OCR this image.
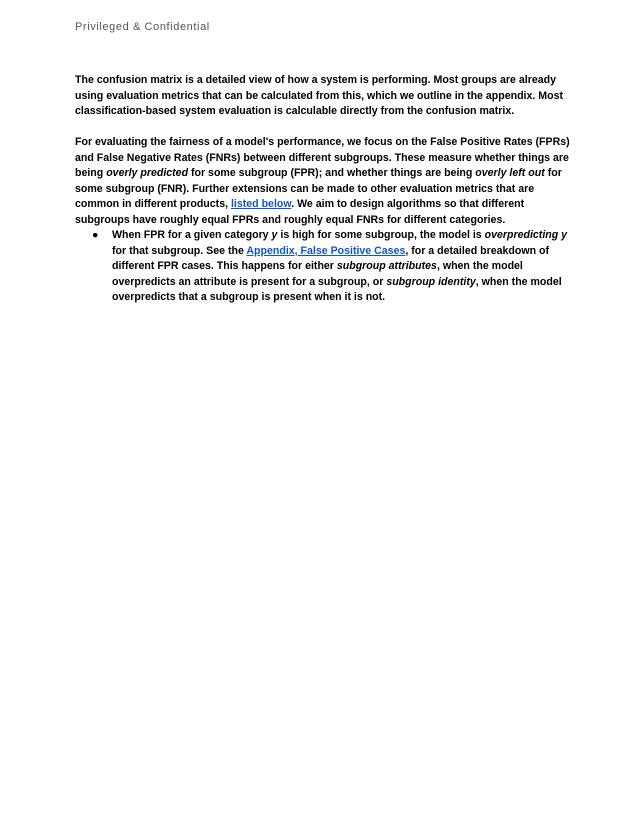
Privileged & Confidential

The confusion matrix is a detailed view of how a system is performing. Most groups are already using evaluation metrics that can be calculated from this, which we outline in the appendix. Most classification-based system evaluation is calculable directly from the confusion matrix.

For evaluating the fairness of a model's performance, we focus on the False Positive Rates (FPRs) and False Negative Rates (FNRs) between different subgroups. These measure whether things are being overly predicted for some subgroup (FPR); and whether things are being overly left out for some subgroup (FNR). Further extensions can be made to other evaluation metrics that are common in different products, listed below. We aim to design algorithms so that different subgroups have roughly equal FPRs and roughly equal FNRs for different categories.

● When FPR for a given category y is high for some subgroup, the model is overpredicting y for that subgroup. See the Appendix, False Positive Cases, for a detailed breakdown of different FPR cases. This happens for either subgroup attributes, when the model overpredicts an attribute is present for a subgroup, or subgroup identity, when the model overpredicts that a subgroup is present when it is not.
